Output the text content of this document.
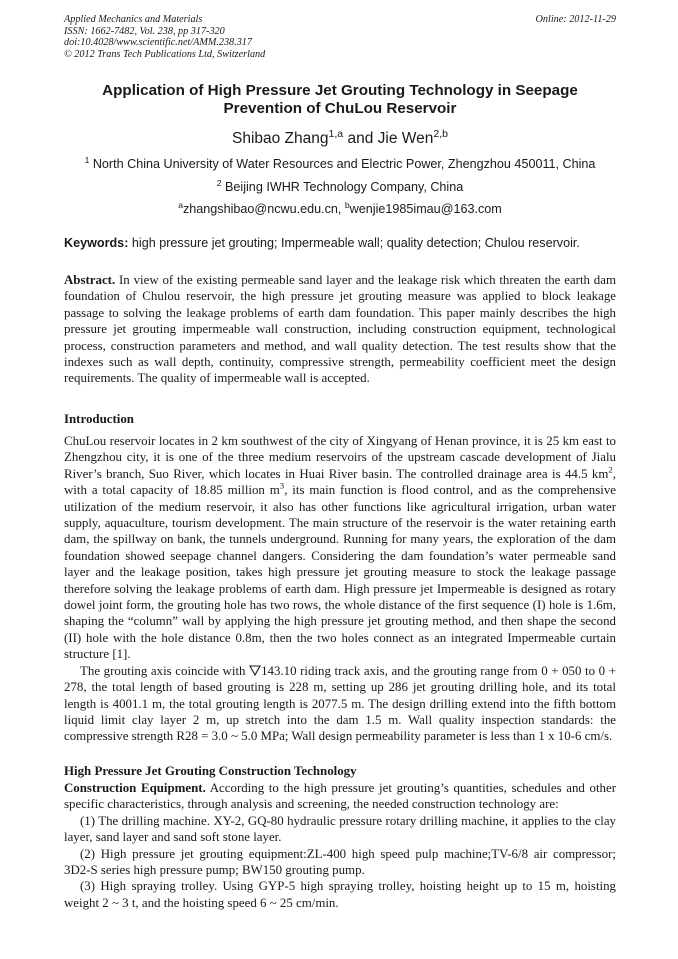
Applied Mechanics and Materials
ISSN: 1662-7482, Vol. 238, pp 317-320
doi:10.4028/www.scientific.net/AMM.238.317
© 2012 Trans Tech Publications Ltd, Switzerland
Online: 2012-11-29
Application of High Pressure Jet Grouting Technology in Seepage Prevention of ChuLou Reservoir
Shibao Zhang$^{1,a}$ and Jie Wen$^{2,b}$
$^1$ North China University of Water Resources and Electric Power, Zhengzhou 450011, China
$^2$ Beijing IWHR Technology Company, China
$^a$zhangshibao@ncwu.edu.cn, $^b$wenjie1985imau@163.com
Keywords: high pressure jet grouting; Impermeable wall; quality detection; Chulou reservoir.
Abstract. In view of the existing permeable sand layer and the leakage risk which threaten the earth dam foundation of Chulou reservoir, the high pressure jet grouting measure was applied to block leakage passage to solving the leakage problems of earth dam foundation. This paper mainly describes the high pressure jet grouting impermeable wall construction, including construction equipment, technological process, construction parameters and method, and wall quality detection. The test results show that the indexes such as wall depth, continuity, compressive strength, permeability coefficient meet the design requirements. The quality of impermeable wall is accepted.
Introduction

ChuLou reservoir locates in 2 km southwest of the city of Xingyang of Henan province, it is 25 km east to Zhengzhou city, it is one of the three medium reservoirs of the upstream cascade development of Jialu River’s branch, Suo River, which locates in Huai River basin. The controlled drainage area is 44.5 $km^2$, with a total capacity of 18.85 million $m^3$, its main function is flood control, and as the comprehensive utilization of the medium reservoir, it also has other functions like agricultural irrigation, urban water supply, aquaculture, tourism development. The main structure of the reservoir is the water retaining earth dam, the spillway on bank, the tunnels underground. Running for many years, the exploration of the dam foundation showed seepage channel dangers. Considering the dam foundation’s water permeable sand layer and the leakage position, takes high pressure jet grouting measure to stock the leakage passage therefore solving the leakage problems of earth dam. High pressure jet Impermeable is designed as rotary dowel joint form, the grouting hole has two rows, the whole distance of the first sequence (I) hole is 1.6m, shaping the “column” wall by applying the high pressure jet grouting method, and then shape the second (II) hole with the hole distance 0.8m, then the two holes connect as an integrated Impermeable curtain structure [1].

The grouting axis coincide with 143.10 riding track axis, and the grouting range from 0 + 050 to 0 + 278, the total length of based grouting is 228 m, setting up 286 jet grouting drilling hole, and its total length is 4001.1 m, the total grouting length is 2077.5 m. The design drilling extend into the fifth bottom liquid limit clay layer 2 m, up stretch into the dam 1.5 m. Wall quality inspection standards: the compressive strength R28 = 3.0 ~ 5.0 MPa; Wall design permeability parameter is less than 1 x 10-6 cm/s.

High Pressure Jet Grouting Construction Technology

Construction Equipment. According to the high pressure jet grouting’s quantities, schedules and other specific characteristics, through analysis and screening, the needed construction technology are:

(1) The drilling machine. XY-2, GQ-80 hydraulic pressure rotary drilling machine, it applies to the clay layer, sand layer and sand soft stone layer.

(2) High pressure jet grouting equipment:ZL-400 high speed pulp machine;TV-6/8 air compressor; 3D2-S series high pressure pump; BW150 grouting pump.

(3) High spraying trolley. Using GYP-5 high spraying trolley, hoisting height up to 15 m, hoisting weight 2 ~ 3 t, and the hoisting speed 6 ~ 25 cm/min.
